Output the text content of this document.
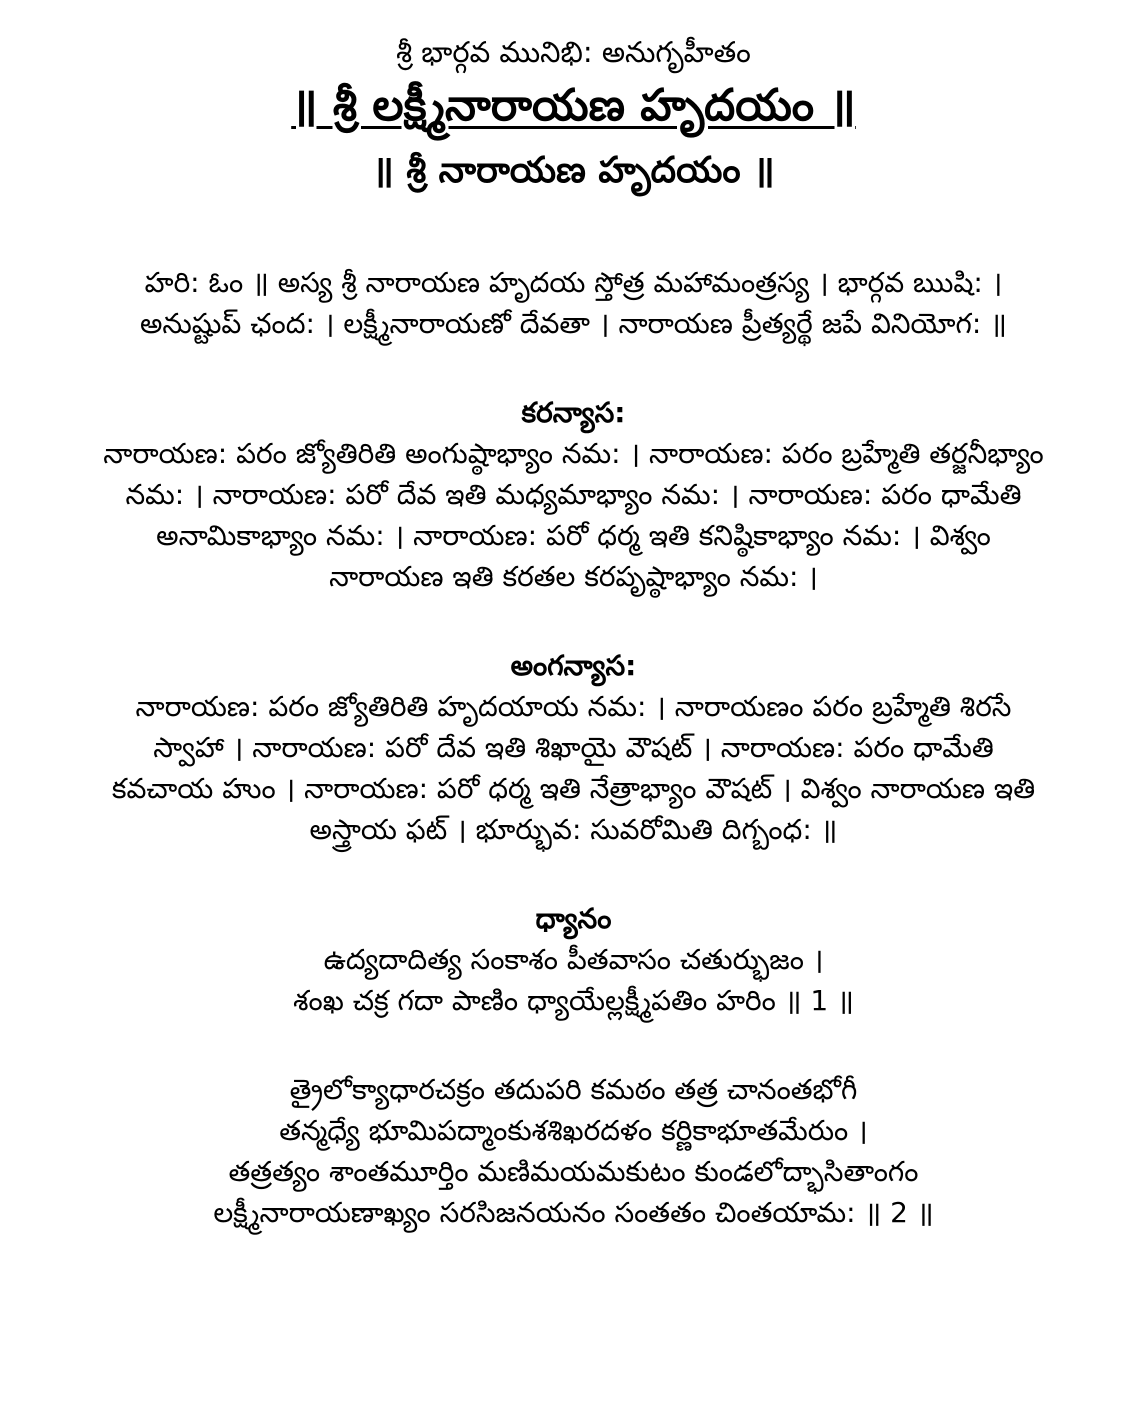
శ్రీ భార్గవ మునిభి: అనుగృహీతం

॥ శ్రీ లక్ష్మీనారాయణ హృదయం ॥

॥ శ్రీ నారాయణ హృదయం ॥

హరి: ఓం ॥ అస్య శ్రీ నారాయణ హృదయ స్తోత్ర మహామంత్రస్య । భార్గవ ఋషి: ।

అనుష్టుప్ ఛంద: । లక్ష్మీనారాయణో దేవతా । నారాయణ ప్రీత్యర్థే జపే వినియోగ: ॥

కరన్యాస:

నారాయణ: పరం జ్యోతిరితి అంగుష్ఠాభ్యాం నమ: । నారాయణ: పరం బ్రహ్మేతి తర్జనీభ్యాం

నమ: । నారాయణ: పరో దేవ ఇతి మధ్యమాభ్యాం నమ: । నారాయణ: పరం ధామేతి

అనామికాభ్యాం నమ: । నారాయణ: పరో ధర్మ ఇతి కనిష్ఠికాభ్యాం నమ: । విశ్వం

నారాయణ ఇతి కరతల కరపృష్ఠాభ్యాం నమ: ।

అంగన్యాస:

నారాయణ: పరం జ్యోతిరితి హృదయాయ నమ: । నారాయణం పరం బ్రహ్మేతి శిరసే

స్వాహా । నారాయణ: పరో దేవ ఇతి శిఖాయై వౌషట్ । నారాయణ: పరం ధామేతి

కవచాయ హుం । నారాయణ: పరో ధర్మ ఇతి నేత్రాభ్యాం వౌషట్ । విశ్వం నారాయణ ఇతి

అస్త్రాయ ఫట్ । భూర్భువ: సువరోమితి దిగ్బంధ: ॥

ధ్యానం

ఉద్యదాదిత్య సంకాశం పీతవాసం చతుర్భుజం ।

శంఖ చక్ర గదా పాణిం ధ్యాయేల్లక్ష్మీపతిం హరిం ॥ 1 ॥

త్రైలోక్యాధారచక్రం తదుపరి కమఠం తత్ర చానంతభోగీ

తన్మధ్యే భూమిపద్మాంకుశశిఖరదళం కర్ణికాభూతమేరుం ।

తత్రత్యం శాంతమూర్తిం మణిమయమకుటం కుండలోద్భాసితాంగం

లక్ష్మీనారాయణాఖ్యం సరసిజనయనం సంతతం చింతయామ: ॥ 2 ॥
